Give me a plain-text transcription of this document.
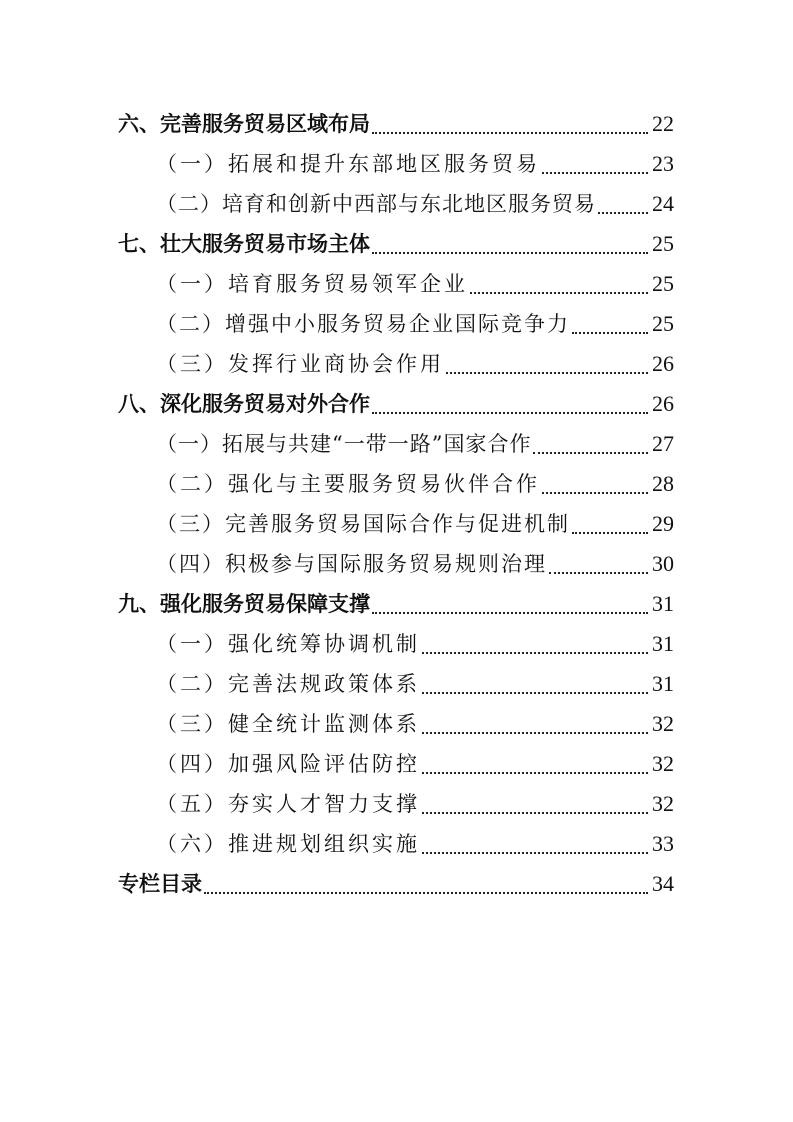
六、完善服务贸易区域布局	22
（一）拓展和提升东部地区服务贸易	23
（二）培育和创新中西部与东北地区服务贸易	24
七、壮大服务贸易市场主体	25
（一）培育服务贸易领军企业	25
（二）增强中小服务贸易企业国际竞争力	25
（三）发挥行业商协会作用	26
八、深化服务贸易对外合作	26
（一）拓展与共建“一带一路”国家合作	27
（二）强化与主要服务贸易伙伴合作	28
（三）完善服务贸易国际合作与促进机制	29
（四）积极参与国际服务贸易规则治理	30
九、强化服务贸易保障支撑	31
（一）强化统筹协调机制	31
（二）完善法规政策体系	31
（三）健全统计监测体系	32
（四）加强风险评估防控	32
（五）夯实人才智力支撑	32
（六）推进规划组织实施	33
专栏目录	34
